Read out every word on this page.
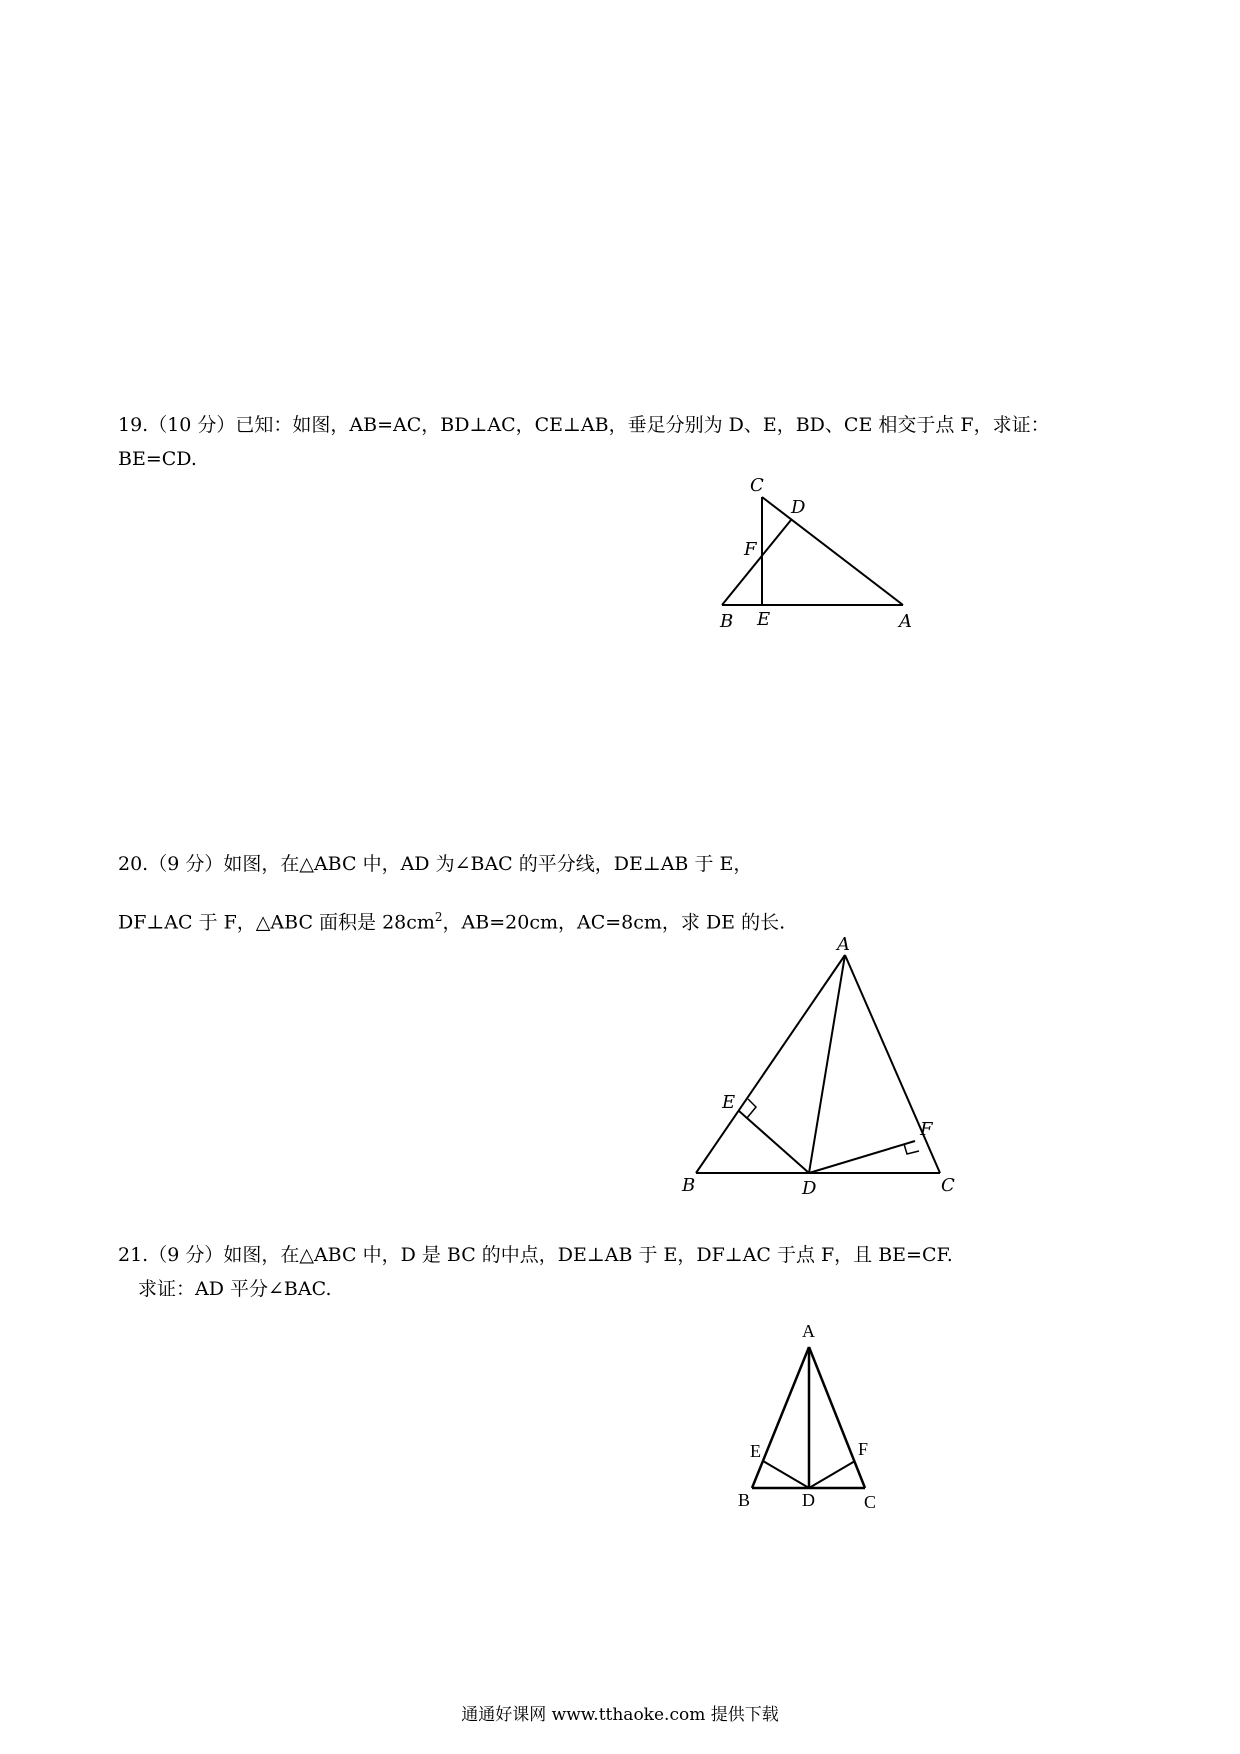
19.（10 分）已知：如图，AB=AC，BD⊥AC，CE⊥AB，垂足分别为 D、E，BD、CE 相交于点 F，求证：

BE=CD.

C
D
F
B E	A

20.（9 分）如图，在△ABC 中，AD 为∠BAC 的平分线，DE⊥AB 于 E，

DF⊥AC 于 F，△ABC 面积是 $28cm^2$，AB=20cm，AC=8cm，求 DE 的长.

A
E
F
B	D	C

21.（9 分）如图，在△ABC 中，D 是 BC 的中点，DE⊥AB 于 E，DF⊥AC 于点 F，且 BE=CF.

求证：AD 平分∠BAC.

A
E	F
B	D	C
通通好课网 www.tthaoke.com 提供下载
